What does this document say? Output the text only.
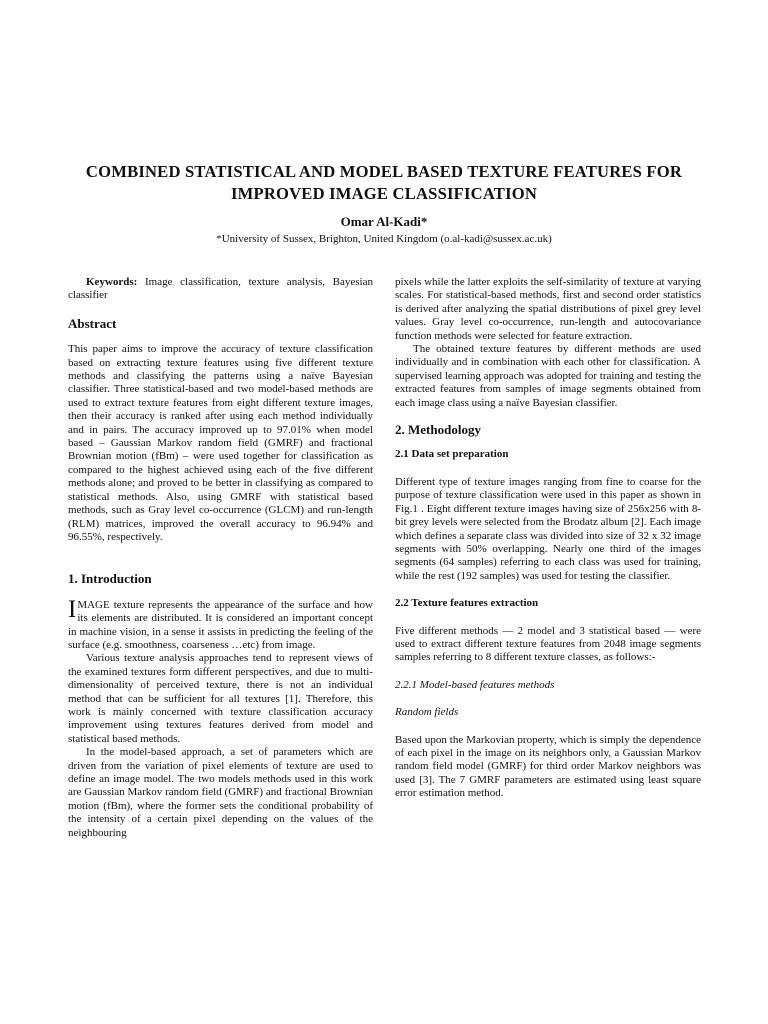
COMBINED STATISTICAL AND MODEL BASED TEXTURE FEATURES FOR
IMPROVED IMAGE CLASSIFICATION
Omar Al-Kadi*
*University of Sussex, Brighton, United Kingdom (o.al-kadi@sussex.ac.uk)

Keywords: Image classification, texture analysis, Bayesian classifier

Abstract

This paper aims to improve the accuracy of texture classification based on extracting texture features using five different texture methods and classifying the patterns using a naïve Bayesian classifier. Three statistical-based and two model-based methods are used to extract texture features from eight different texture images, then their accuracy is ranked after using each method individually and in pairs. The accuracy improved up to 97.01% when model based – Gaussian Markov random field (GMRF) and fractional Brownian motion (fBm) – were used together for classification as compared to the highest achieved using each of the five different methods alone; and proved to be better in classifying as compared to statistical methods. Also, using GMRF with statistical based methods, such as Gray level co-occurrence (GLCM) and run-length (RLM) matrices, improved the overall accuracy to 96.94% and 96.55%, respectively.

1. Introduction

IMAGE texture represents the appearance of the surface and how its elements are distributed. It is considered an important concept in machine vision, in a sense it assists in predicting the feeling of the surface (e.g. smoothness, coarseness …etc) from image.

Various texture analysis approaches tend to represent views of the examined textures form different perspectives, and due to multi-dimensionality of perceived texture, there is not an individual method that can be sufficient for all textures [1]. Therefore, this work is mainly concerned with texture classification accuracy improvement using textures features derived from model and statistical based methods.

In the model-based approach, a set of parameters which are driven from the variation of pixel elements of texture are used to define an image model. The two models methods used in this work are Gaussian Markov random field (GMRF) and fractional Brownian motion (fBm), where the former sets the conditional probability of the intensity of a certain pixel depending on the values of the neighbouring

pixels while the latter exploits the self-similarity of texture at varying scales. For statistical-based methods, first and second order statistics is derived after analyzing the spatial distributions of pixel grey level values. Gray level co-occurrence, run-length and autocovariance function methods were selected for feature extraction.

The obtained texture features by different methods are used individually and in combination with each other for classification. A supervised learning approach was adopted for training and testing the extracted features from samples of image segments obtained from each image class using a naïve Bayesian classifier.

2. Methodology

2.1 Data set preparation

Different type of texture images ranging from fine to coarse for the purpose of texture classification were used in this paper as shown in Fig.1 . Eight different texture images having size of 256x256 with 8-bit grey levels were selected from the Brodatz album [2]. Each image which defines a separate class was divided into size of 32 x 32 image segments with 50% overlapping. Nearly one third of the images segments (64 samples) referring to each class was used for training, while the rest (192 samples) was used for testing the classifier.

2.2 Texture features extraction

Five different methods — 2 model and 3 statistical based — were used to extract different texture features from 2048 image segments samples referring to 8 different texture classes, as follows:-

2.2.1 Model-based features methods

Random fields

Based upon the Markovian property, which is simply the dependence of each pixel in the image on its neighbors only, a Gaussian Markov random field model (GMRF) for third order Markov neighbors was used [3]. The 7 GMRF parameters are estimated using least square error estimation method.
